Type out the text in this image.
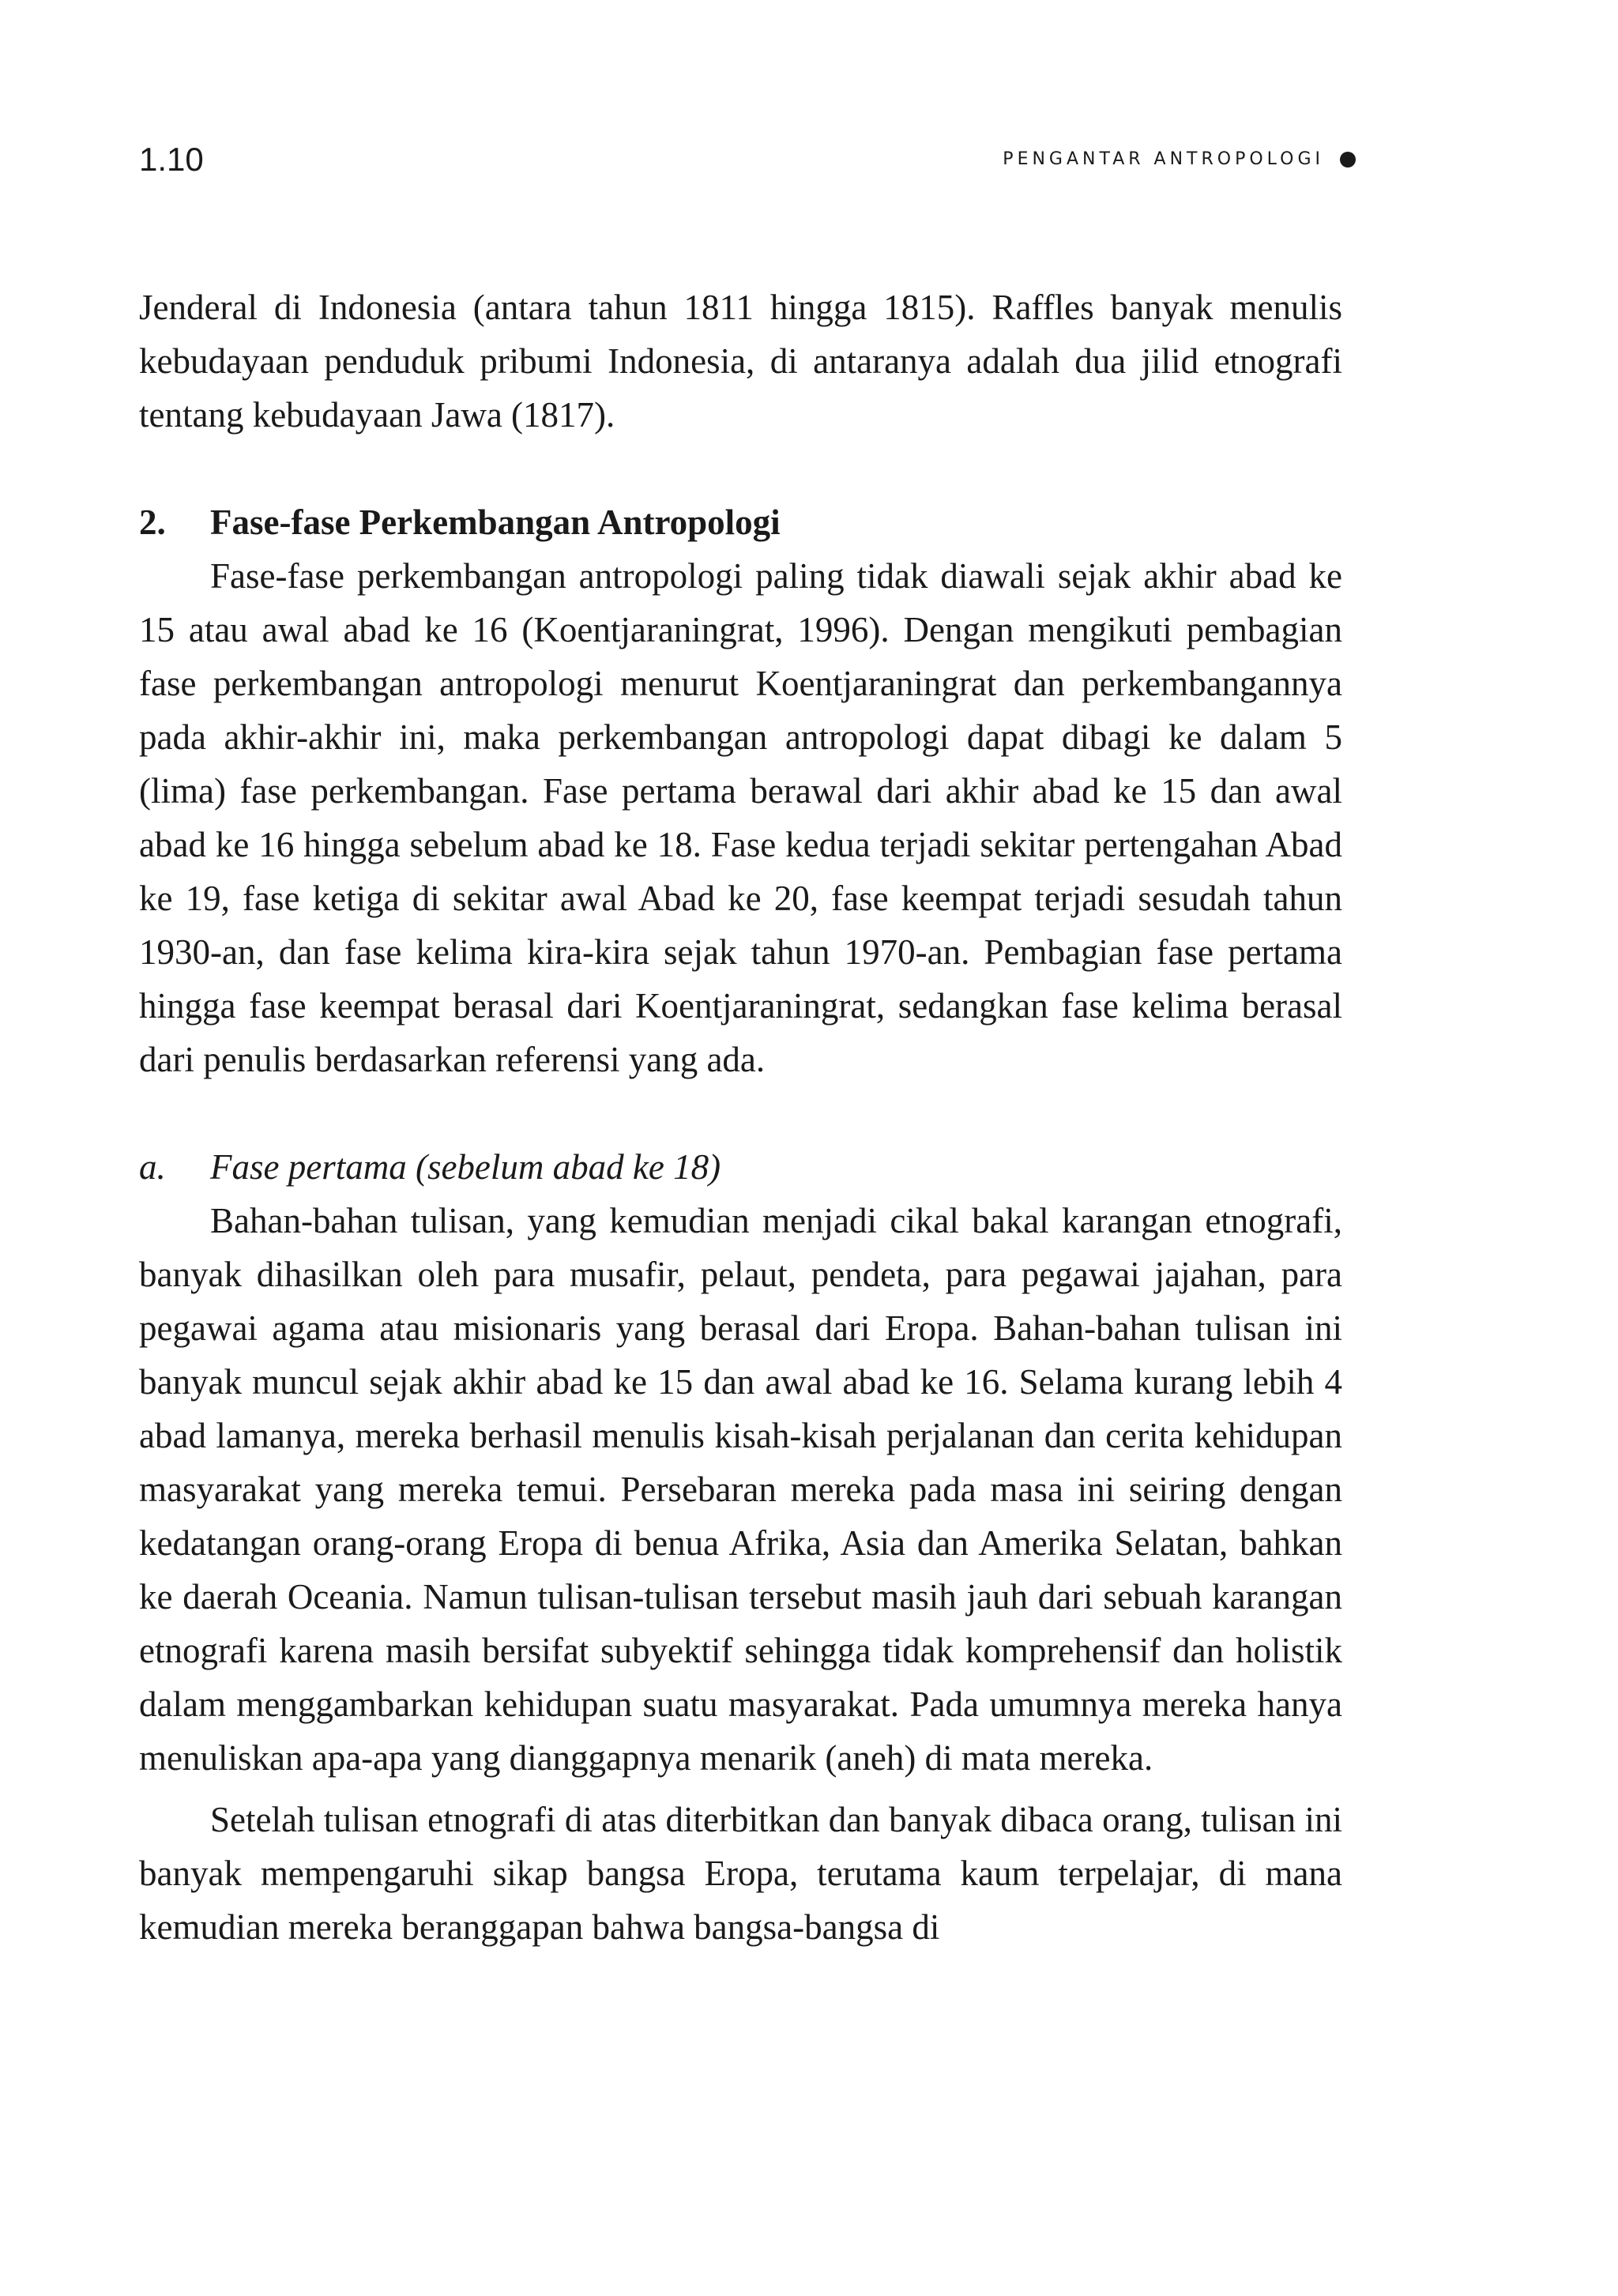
1.10	PENGANTAR ANTROPOLOGI

Jenderal di Indonesia (antara tahun 1811 hingga 1815). Raffles banyak menulis kebudayaan penduduk pribumi Indonesia, di antaranya adalah dua jilid etnografi tentang kebudayaan Jawa (1817).

2.	Fase-fase Perkembangan Antropologi

Fase-fase perkembangan antropologi paling tidak diawali sejak akhir abad ke 15 atau awal abad ke 16 (Koentjaraningrat, 1996). Dengan mengikuti pembagian fase perkembangan antropologi menurut Koentjaraningrat dan perkembangannya pada akhir-akhir ini, maka perkembangan antropologi dapat dibagi ke dalam 5 (lima) fase perkembangan. Fase pertama berawal dari akhir abad ke 15 dan awal abad ke 16 hingga sebelum abad ke 18. Fase kedua terjadi sekitar pertengahan Abad ke 19, fase ketiga di sekitar awal Abad ke 20, fase keempat terjadi sesudah tahun 1930-an, dan fase kelima kira-kira sejak tahun 1970-an. Pembagian fase pertama hingga fase keempat berasal dari Koentjaraningrat, sedangkan fase kelima berasal dari penulis berdasarkan referensi yang ada.

a.	Fase pertama (sebelum abad ke 18)

Bahan-bahan tulisan, yang kemudian menjadi cikal bakal karangan etnografi, banyak dihasilkan oleh para musafir, pelaut, pendeta, para pegawai jajahan, para pegawai agama atau misionaris yang berasal dari Eropa. Bahan-bahan tulisan ini banyak muncul sejak akhir abad ke 15 dan awal abad ke 16. Selama kurang lebih 4 abad lamanya, mereka berhasil menulis kisah-kisah perjalanan dan cerita kehidupan masyarakat yang mereka temui. Persebaran mereka pada masa ini seiring dengan kedatangan orang-orang Eropa di benua Afrika, Asia dan Amerika Selatan, bahkan ke daerah Oceania. Namun tulisan-tulisan tersebut masih jauh dari sebuah karangan etnografi karena masih bersifat subyektif sehingga tidak komprehensif dan holistik dalam menggambarkan kehidupan suatu masyarakat. Pada umumnya mereka hanya menuliskan apa-apa yang dianggapnya menarik (aneh) di mata mereka.

Setelah tulisan etnografi di atas diterbitkan dan banyak dibaca orang, tulisan ini banyak mempengaruhi sikap bangsa Eropa, terutama kaum terpelajar, di mana kemudian mereka beranggapan bahwa bangsa-bangsa di
